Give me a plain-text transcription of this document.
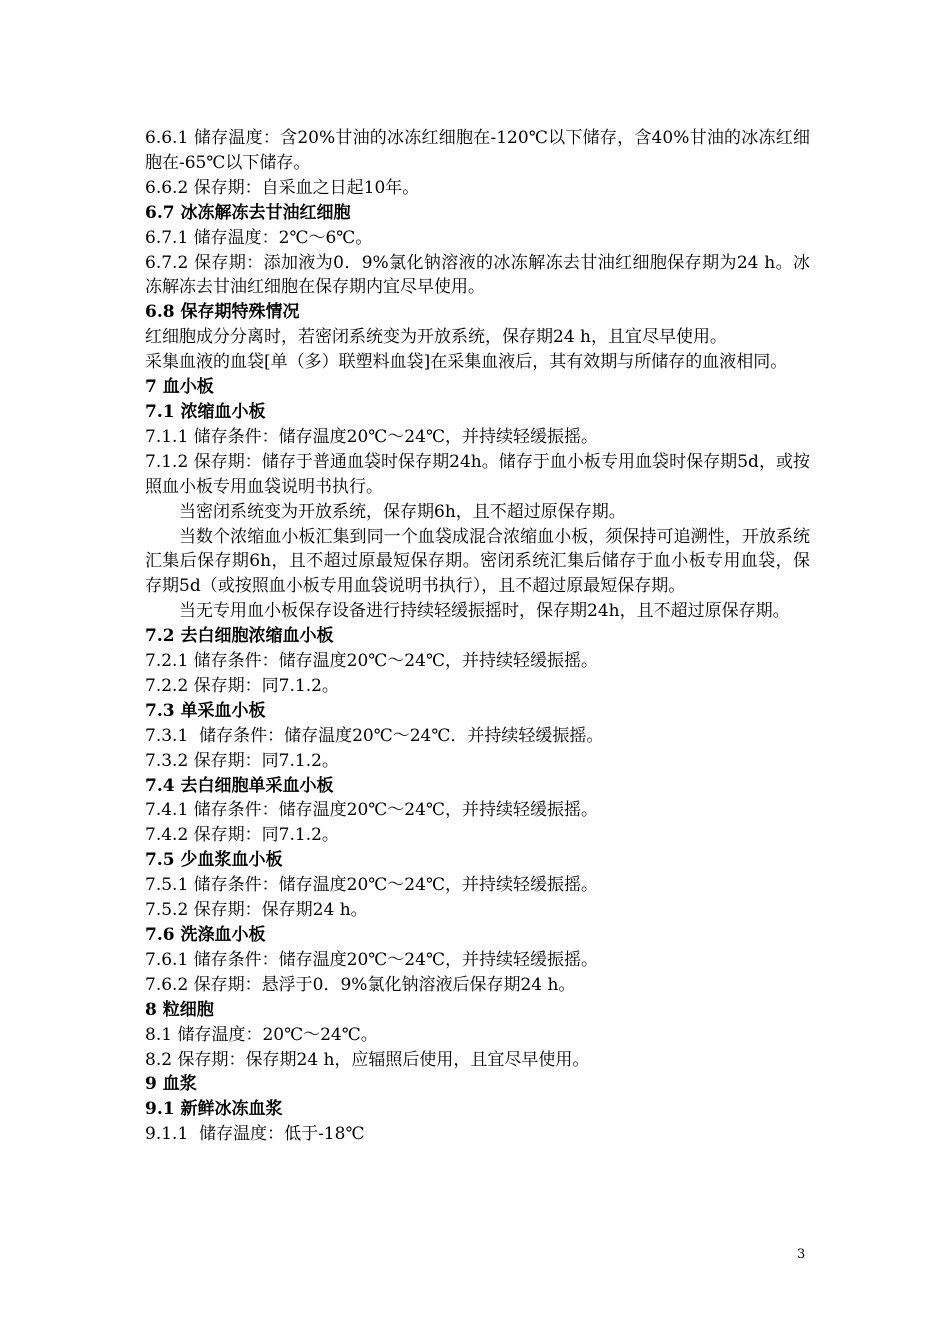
6.6.1 储存温度：含20%甘油的冰冻红细胞在-120℃以下储存，含40%甘油的冰冻红细胞在-65℃以下储存。
6.6.2 保存期：自采血之日起10年。
6.7 冰冻解冻去甘油红细胞
6.7.1 储存温度：2℃～6℃。
6.7.2 保存期：添加液为0．9%氯化钠溶液的冰冻解冻去甘油红细胞保存期为24 h。冰冻解冻去甘油红细胞在保存期内宜尽早使用。
6.8 保存期特殊情况
红细胞成分分离时，若密闭系统变为开放系统，保存期24 h，且宜尽早使用。
采集血液的血袋[单（多）联塑料血袋]在采集血液后，其有效期与所储存的血液相同。
7 血小板
7.1 浓缩血小板
7.1.1 储存条件：储存温度20℃～24℃，并持续轻缓振摇。
7.1.2 保存期：储存于普通血袋时保存期24h。储存于血小板专用血袋时保存期5d，或按照血小板专用血袋说明书执行。
当密闭系统变为开放系统，保存期6h，且不超过原保存期。
当数个浓缩血小板汇集到同一个血袋成混合浓缩血小板，须保持可追溯性，开放系统汇集后保存期6h，且不超过原最短保存期。密闭系统汇集后储存于血小板专用血袋，保存期5d（或按照血小板专用血袋说明书执行），且不超过原最短保存期。
当无专用血小板保存设备进行持续轻缓振摇时，保存期24h，且不超过原保存期。
7.2 去白细胞浓缩血小板
7.2.1 储存条件：储存温度20℃～24℃，并持续轻缓振摇。
7.2.2 保存期：同7.1.2。
7.3 单采血小板
7.3.1  储存条件：储存温度20℃～24℃．并持续轻缓振摇。
7.3.2 保存期：同7.1.2。
7.4 去白细胞单采血小板
7.4.1 储存条件：储存温度20℃～24℃，并持续轻缓振摇。
7.4.2 保存期：同7.1.2。
7.5 少血浆血小板
7.5.1 储存条件：储存温度20℃～24℃，并持续轻缓振摇。
7.5.2 保存期：保存期24 h。
7.6 洗涤血小板
7.6.1 储存条件：储存温度20℃～24℃，并持续轻缓振摇。
7.6.2 保存期：悬浮于0．9%氯化钠溶液后保存期24 h。
8 粒细胞
8.1 储存温度：20℃～24℃。
8.2 保存期：保存期24 h，应辐照后使用，且宜尽早使用。
9 血浆
9.1 新鲜冰冻血浆
9.1.1  储存温度：低于-18℃
3
